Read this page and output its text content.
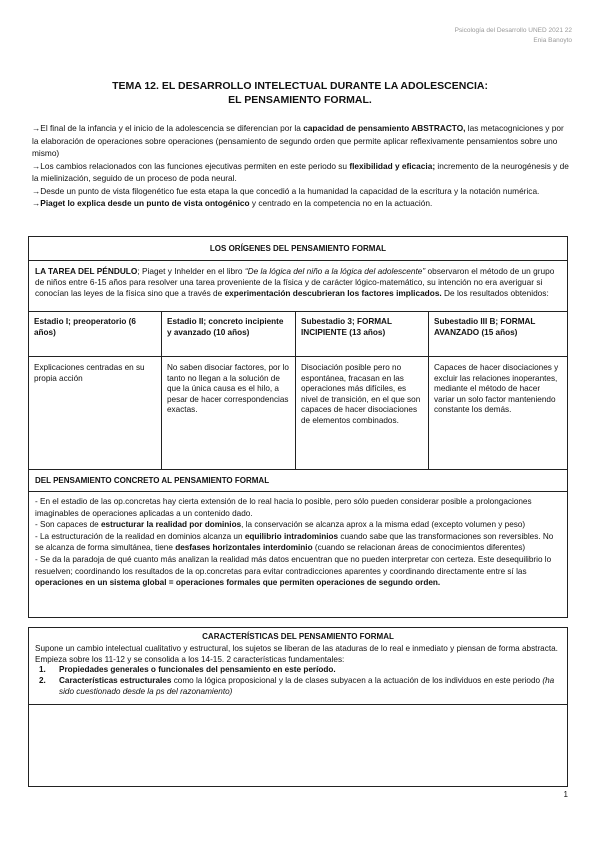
Psicología del Desarrollo UNED 2021 22
Enia Banoyto
TEMA 12. EL DESARROLLO INTELECTUAL DURANTE LA ADOLESCENCIA:
EL PENSAMIENTO FORMAL.

→El final de la infancia y el inicio de la adolescencia se diferencian por la capacidad de pensamiento ABSTRACTO, las metacogniciones y por la elaboración de operaciones sobre operaciones (pensamiento de segundo orden que permite aplicar reflexivamente pensamientos sobre uno mismo)

→Los cambios relacionados con las funciones ejecutivas permiten en este periodo su flexibilidad y eficacia; incremento de la neurogénesis y de la mielinización, seguido de un proceso de poda neural.

→Desde un punto de vista filogenético fue esta etapa la que concedió a la humanidad la capacidad de la escritura y la notación numérica.

→Piaget lo explica desde un punto de vista ontogénico y centrado en la competencia no en la actuación.

LOS ORÍGENES DEL PENSAMIENTO FORMAL
LA TAREA DEL PÉNDULO; Piaget y Inhelder en el libro “De la lógica del niño a la lógica del adolescente” observaron el método de un grupo de niños entre 6-15 años para resolver una tarea proveniente de la física y de carácter lógico-matemático, su intención no era averiguar si conocían las leyes de la física sino que a través de experimentación descubrieran los factores implicados. De los resultados obtenidos:
Estadio I; preoperatorio (6 años)
Estadio II; concreto incipiente y avanzado (10 años)
Subestadio 3; FORMAL INCIPIENTE (13 años)
Subestadio III B; FORMAL AVANZADO (15 años)
Explicaciones centradas en su propia acción
No saben disociar factores, por lo tanto no llegan a la solución de que la única causa es el hilo, a pesar de hacer correspondencias exactas.
Disociación posible pero no espontánea, fracasan en las operaciones más difíciles, es nivel de transición, en el que son capaces de hacer disociaciones de elementos combinados.
Capaces de hacer disociaciones y excluir las relaciones inoperantes, mediante el método de hacer variar un solo factor manteniendo constante los demás.
DEL PENSAMIENTO CONCRETO AL PENSAMIENTO FORMAL

- En el estadio de las op.concretas hay cierta extensión de lo real hacia lo posible, pero sólo pueden considerar posible a prolongaciones imaginables de operaciones aplicadas a un contenido dado.

- Son capaces de estructurar la realidad por dominios, la conservación se alcanza aprox a la misma edad (excepto volumen y peso)

- La estructuración de la realidad en dominios alcanza un equilibrio intradominios cuando sabe que las transformaciones son reversibles. No se alcanza de forma simultánea, tiene desfases horizontales interdominio (cuando se relacionan áreas de conocimientos diferentes)

- Se da la paradoja de qué cuanto más analizan la realidad más datos encuentran que no pueden interpretar con certeza. Este desequilibrio lo resuelven; coordinando los resultados de la op.concretas para evitar contradicciones aparentes y coordinando directamente entre sí las operaciones en un sistema global = operaciones formales que permiten operaciones de segundo orden.

CARACTERÍSTICAS DEL PENSAMIENTO FORMAL
Supone un cambio intelectual cualitativo y estructural, los sujetos se liberan de las ataduras de lo real e inmediato y piensan de forma abstracta. Empieza sobre los 11-12 y se consolida a los 14-15. 2 características fundamentales:
1. Propiedades generales o funcionales del pensamiento en este período.
2. Características estructurales como la lógica proposicional y la de clases subyacen a la actuación de los individuos en este periodo (ha sido cuestionado desde la ps del razonamiento)
1
